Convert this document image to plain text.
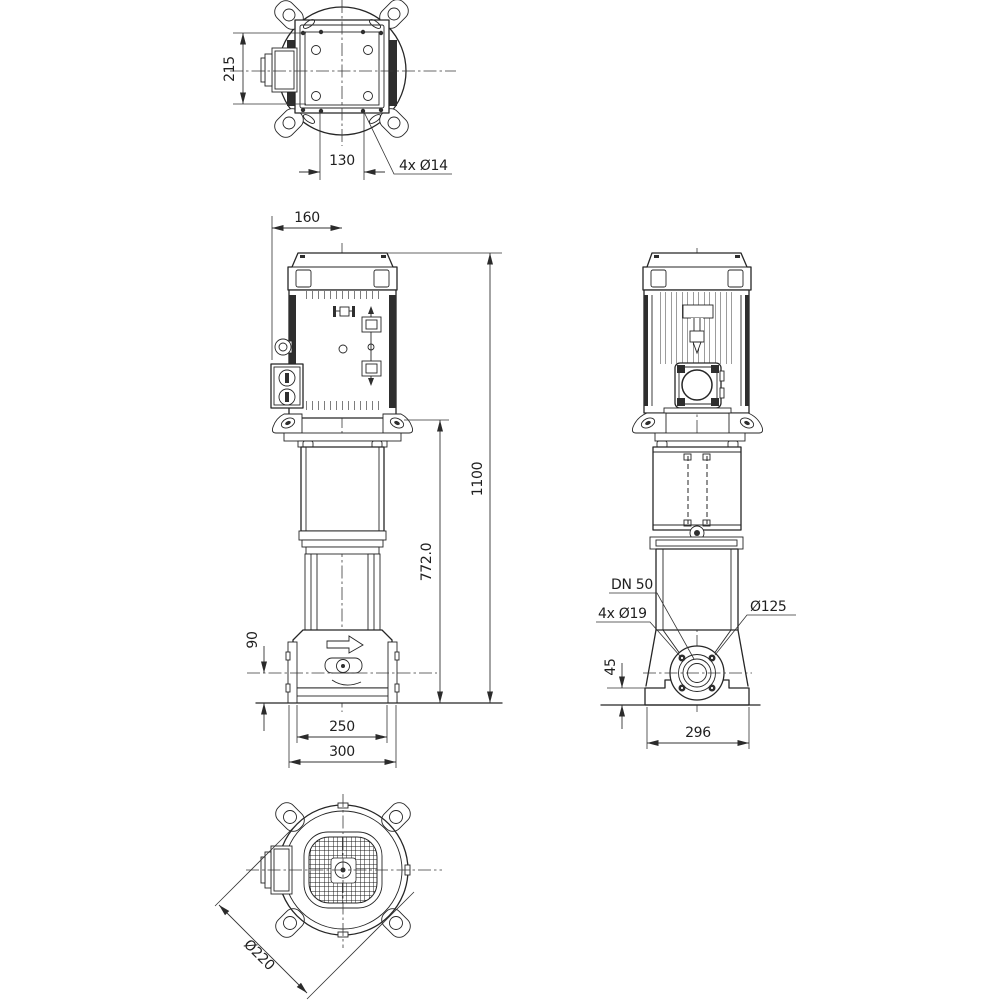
215
130	4x Ø14
160
1100
772.0
90
250
300
DN 50
4x Ø19	Ø125
45
296
Ø220
